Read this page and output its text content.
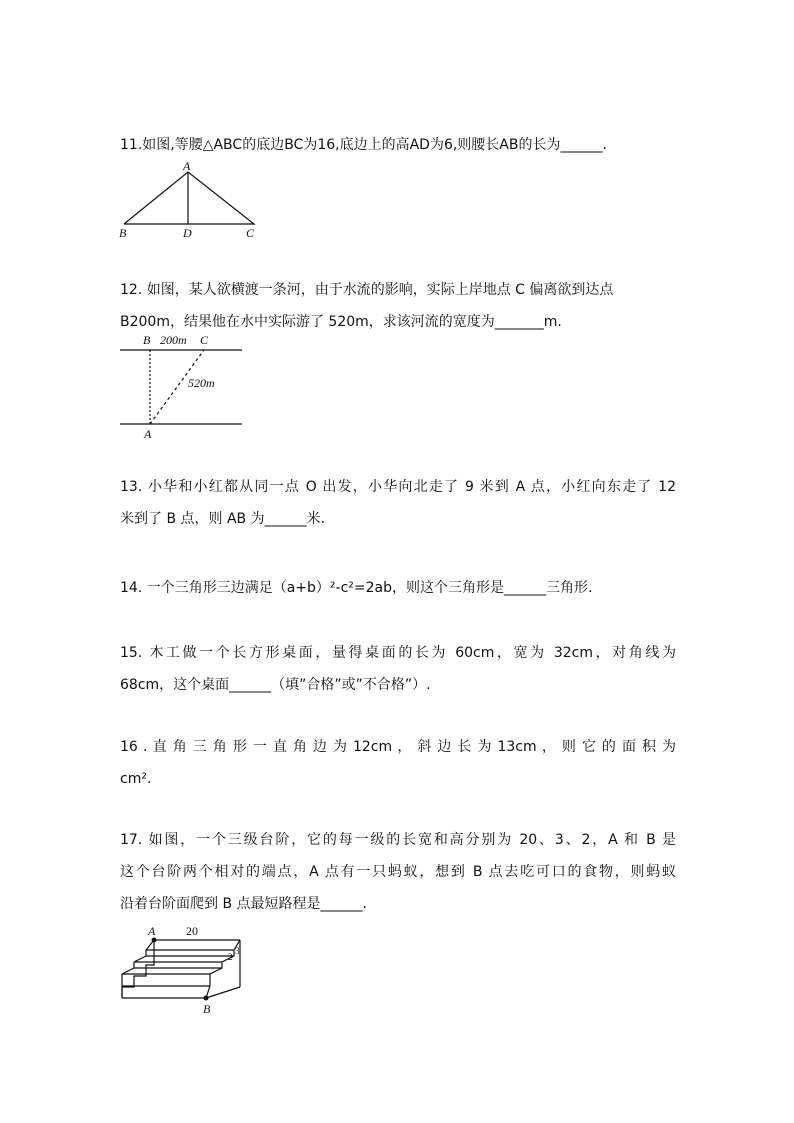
11.如图,等腰△ABC的底边BC为16,底边上的高AD为6,则腰长AB的长为______.
A
B	D	C
12. 如图，某人欲横渡一条河，由于水流的影响，实际上岸地点 C 偏离欲到达点
B200m，结果他在水中实际游了 520m，求该河流的宽度为_______m.
B 200m C
520m
A
13. 小华和小红都从同一点 O 出发，小华向北走了 9 米到 A 点，小红向东走了 12
米到了 B 点，则 AB 为______米.
14. 一个三角形三边满足（a+b）²-c²=2ab，则这个三角形是______三角形.
15. 木工做一个长方形桌面，量得桌面的长为 60cm，宽为 32cm，对角线为
68cm，这个桌面______（填”合格”或”不合格”）.
16 . 直 角 三 角 形 一 直 角 边 为 12cm ， 斜 边 长 为 13cm ， 则 它 的 面 积 为
cm².
17. 如图，一个三级台阶，它的每一级的长宽和高分别为 20、3、2，A 和 B 是
这个台阶两个相对的端点，A 点有一只蚂蚁，想到 B 点去吃可口的食物，则蚂蚁
沿着台阶面爬到 B 点最短路程是______.
A	20
3
2
B
